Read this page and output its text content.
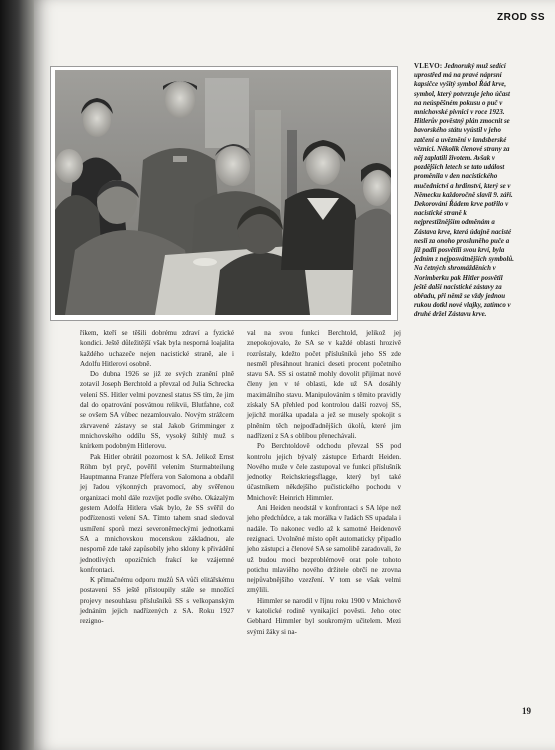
ZROD SS
VLEVO: Jednoruký muž sedící uprostřed má na pravé náprsní kapsičce vyšitý symbol Řád krve, symbol, který potvrzuje jeho účast na neúspěšném pokusu o puč v mnichovské pivnici v roce 1923. Hitlerův pověstný plán zmocnit se bavorského státu vyústil v jeho zatčení a uvěznění v landsberské věznici. Několik členové strany za něj zaplatili životem. Avšak v pozdějších letech se tato událost proměnila v den nacistického mučednictví a hrdinství, který se v Německu každoročně slavil 9. září. Dekorování Řádem krve potřilo v nacistické straně k nejprestižnějším odměnám a Zástava krve, která údajně nacisté nesli za onoho prosluněho puče a již padli posvětili svou krví, byla jedním z nejposvátnějších symbolů. Na četných shromážděních v Norimberku pak Hitler posvětil ještě další nacistické zástavy za obřadu, při němž se vždy jednou rukou dotkl nové vlajky, zatímco v druhé držel Zástavu krve.

říkem, kteří se těšili dobrému zdraví a fyzické kondici. Ještě důležitější však byla nesporná loajalita každého uchazeče nejen nacistické straně, ale i Adolfu Hitlerovi osobně.

Do dubna 1926 se již ze svých zranění plně zotavil Joseph Berchtold a převzal od Julia Schrecka velení SS. Hitler velmi povznesl status SS tím, že jim dal do opatrování posvátnou relikvii, Blutfahne, což se ovšem SA vůbec nezamlouvalo. Novým strážcem zkrvavené zástavy se stal Jakob Grimminger z mnichovského oddílu SS, vysoký štíhlý muž s knírkem podobným Hitlerovu.

Pak Hitler obrátil pozornost k SA. Jelikož Ernst Röhm byl pryč, pověřil velením Sturmabteilung Hauptmanna Franze Pfeffera von Salomona a obdařil jej řadou výkonných pravomocí, aby svěřenou organizaci mohl dále rozvíjet podle svého. Okázalým gestem Adolfa Hitlera však bylo, že SS svěřil do podřízenosti velení SA. Tímto tahem snad sledoval usmíření sporů mezi severoněmeckými jednotkami SA a mnichovskou mocenskou základnou, ale nesporně zde také zapůsobily jeho sklony k přivádění jednotlivých opozičních frakcí ke vzájemné konfrontaci.

K přímačnému odporu mužů SA vůči elitářskému postavení SS ještě přistoupily stále se množící projevy nesouhlasu příslušníků SS s velkopanským jednáním jejich nadřízených z SA. Roku 1927 rezigno-

val na svou funkci Berchtold, jelikož jej znepokojovalo, že SA se v každé oblasti hrozivě rozrůstaly, kdežto počet příslušníků jeho SS zde nesměl přesáhnout hranici deseti procent početního stavu SA. SS si ostatně mohly dovolit přijímat nové členy jen v té oblasti, kde už SA dosáhly maximálního stavu. Manipulováním s těmito pravidly získaly SA přehled pod kontrolou další rozvoj SS, jejichž morálka upadala a jež se musely spokojit s plněním těch nejpodřadnějších úkolů, které jim nadřízení z SA s oblibou přenechávali.

Po Berchtoldově odchodu převzal SS pod kontrolu jejich bývalý zástupce Erhardt Heiden. Nového muže v čele zastupoval ve funkci příslušník jednotky Reichskriegsflagge, který byl také účastníkem někdejšího pučistického pochodu v Mnichově: Heinrich Himmler.

Ani Heiden neodstál v konfrontaci s SA lépe než jeho předchůdce, a tak morálka v řadách SS upadala i nadále. To nakonec vedlo až k samotné Heidenově rezignaci. Uvolněné místo opět automaticky připadlo jeho zástupci a členové SA se samolibě zaradovali, že už budou moci bezproblémově orat pole tohoto potichu mlaviěho nového držitele obrčí ne zrovna nejpůvabnějšího vzezření. V tom se však velmi zmýlili.

Himmler se narodil v říjnu roku 1900 v Mnichově v katolické rodině vynikající pověsti. Jeho otec Gebhard Himmler byl soukromým učitelem. Mezi svými žáky si na-

19
